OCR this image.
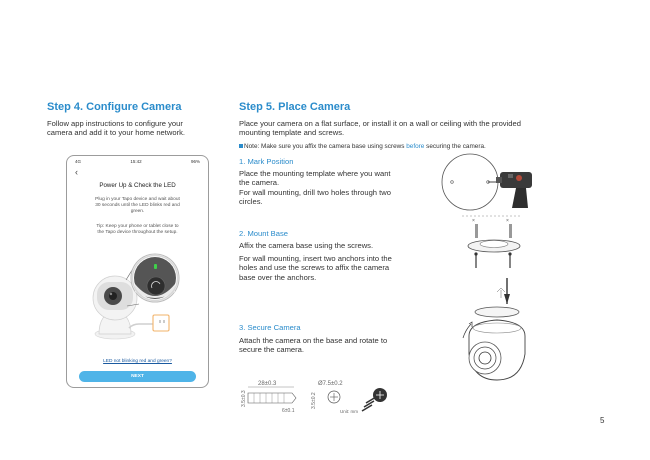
Step 4. Configure Camera
Follow app instructions to configure your
camera and add it to your home network.
4G	15:42	96%
‹
Power Up & Check the LED
Plug in your Tapo device and wait about
30 seconds until the LED blinks red and
green.
Tip: Keep your phone or tablet close to
the Tapo device throughout the setup.
LED not blinking red and green?
NEXT
Step 5. Place Camera
Place your camera on a flat surface, or install it on a wall or ceiling with the provided
mounting template and screws.
Note: Make sure you affix the camera base using screws before securing the camera.
1. Mark Position
Place the mounting template where you want
the camera.
For wall mounting, drill two holes through two
circles.
2. Mount Base
Affix the camera base using the screws.
For wall mounting, insert two anchors into the
holes and use the screws to affix the camera
base over the anchors.
3. Secure Camera
Attach the camera on the base and rotate to
secure the camera.
×	×
28±0.3
3.5±0.3
6±0.1
Ø7.5±0.2
3.5±0.2
Unit: mm
5
